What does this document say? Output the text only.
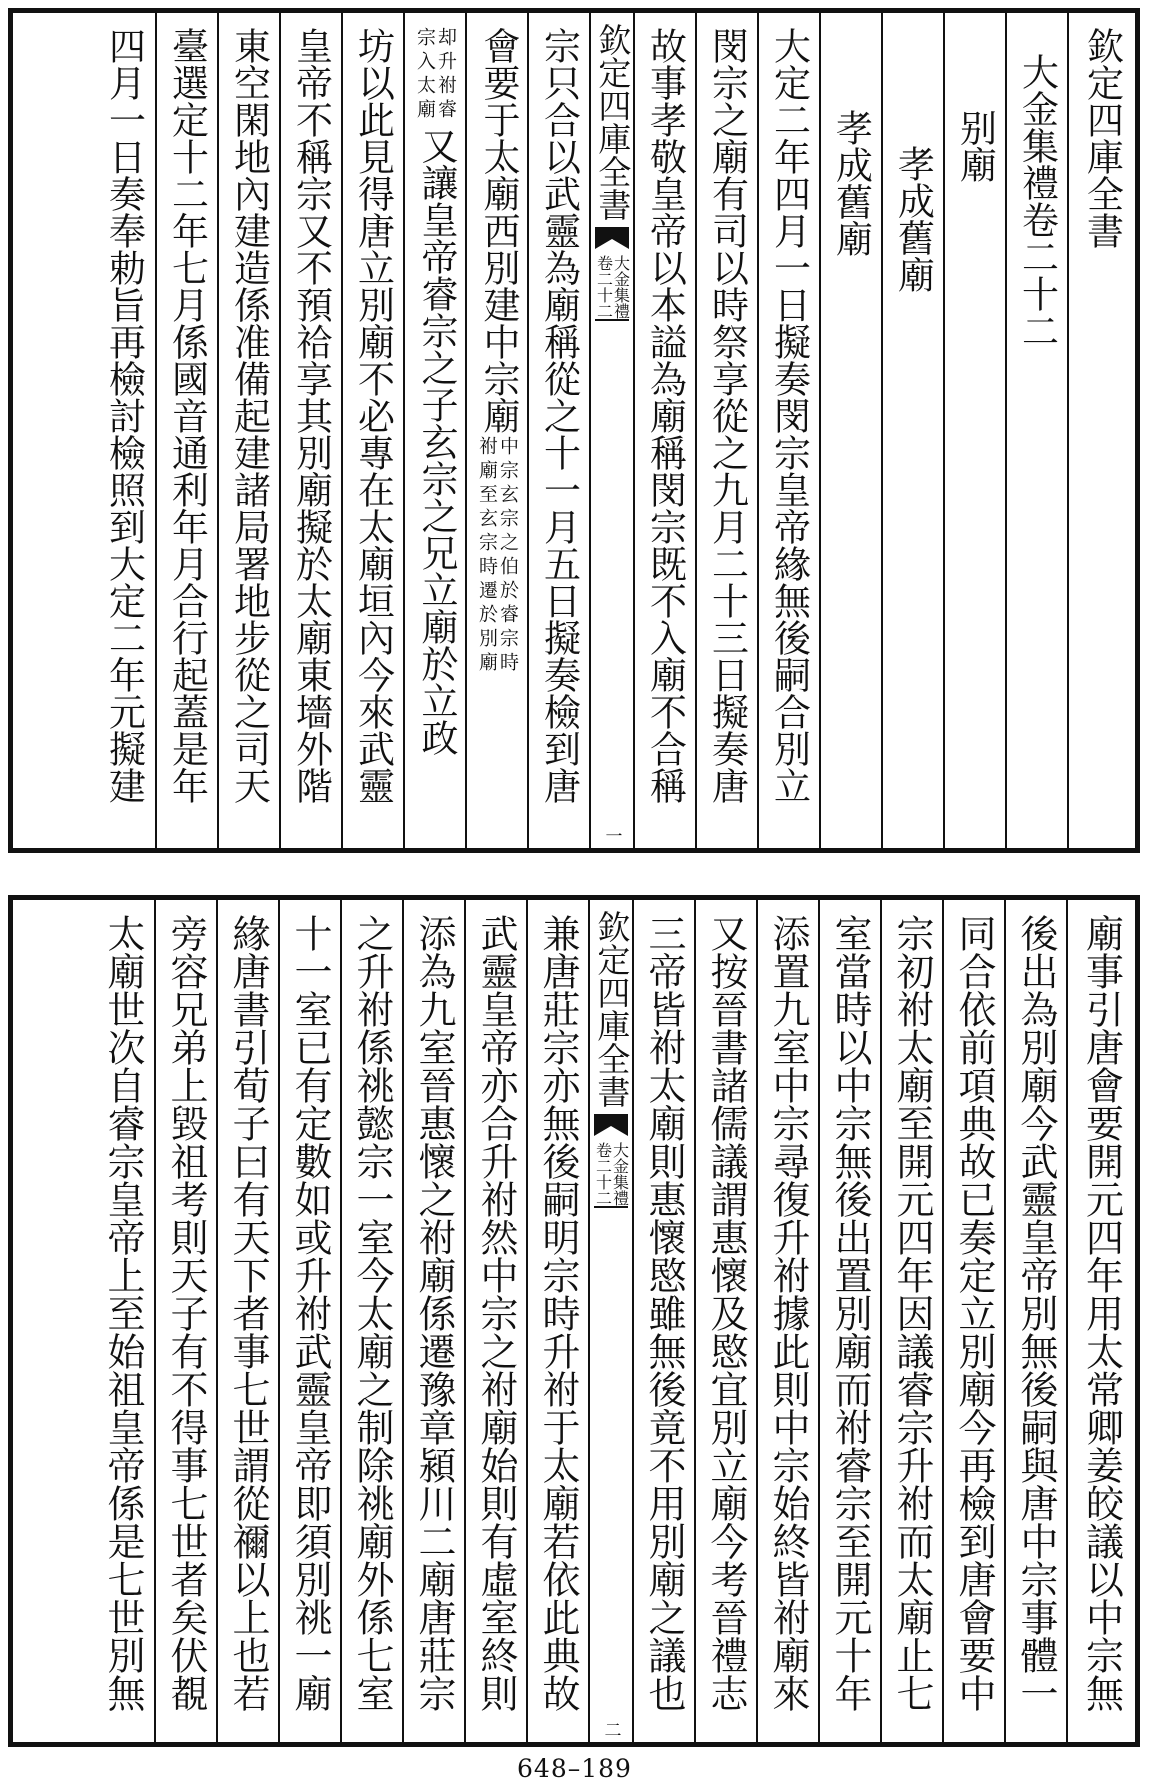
欽定四庫全書
大金集禮卷二十二
别廟
孝成舊廟
孝成舊廟
大定二年四月一日擬奏閔宗皇帝緣無後嗣合別立
閔宗之廟有司以時祭享從之九月二十三日擬奏唐
故事孝敬皇帝以本謚為廟稱閔宗既不入廟不合稱
欽定四庫全書
大金集禮
卷二十二
一
宗只合以武靈為廟稱從之十一月五日擬奏檢到唐
會要于太廟西別建中宗廟
中宗玄宗之伯於睿宗時
祔廟至玄宗時遷於別廟
却升祔睿
宗入太廟
又讓皇帝睿宗之子玄宗之兄立廟於立政
坊以此見得唐立別廟不必專在太廟垣內今來武靈
皇帝不稱宗又不預祫享其別廟擬於太廟東墻外階
東空閑地內建造係准備起建諸局署地步從之司天
臺選定十二年七月係國音通利年月合行起蓋是年
四月一日奏奉勅旨再檢討檢照到大定二年元擬建
廟事引唐會要開元四年用太常卿姜皎議以中宗無
後出為別廟今武靈皇帝別無後嗣與唐中宗事體一
同合依前項典故已奏定立別廟今再檢到唐會要中
宗初祔太廟至開元四年因議睿宗升祔而太廟止七
室當時以中宗無後出置別廟而祔睿宗至開元十年
添置九室中宗尋復升祔據此則中宗始終皆祔廟來
又按晉書諸儒議謂惠懷及愍宜別立廟今考晉禮志
三帝皆祔太廟則惠懷愍雖無後竟不用別廟之議也
欽定四庫全書
大金集禮
卷二十二
二
兼唐莊宗亦無後嗣明宗時升祔于太廟若依此典故
武靈皇帝亦合升祔然中宗之祔廟始則有虛室終則
添為九室晉惠懷之祔廟係遷豫章潁川二廟唐莊宗
之升祔係祧懿宗一室今太廟之制除祧廟外係七室
十一室已有定數如或升祔武靈皇帝即須別祧一廟
緣唐書引荀子曰有天下者事七世謂從禰以上也若
旁容兄弟上毀祖考則天子有不得事七世者矣伏覩
太廟世次自睿宗皇帝上至始祖皇帝係是七世別無
648–189
